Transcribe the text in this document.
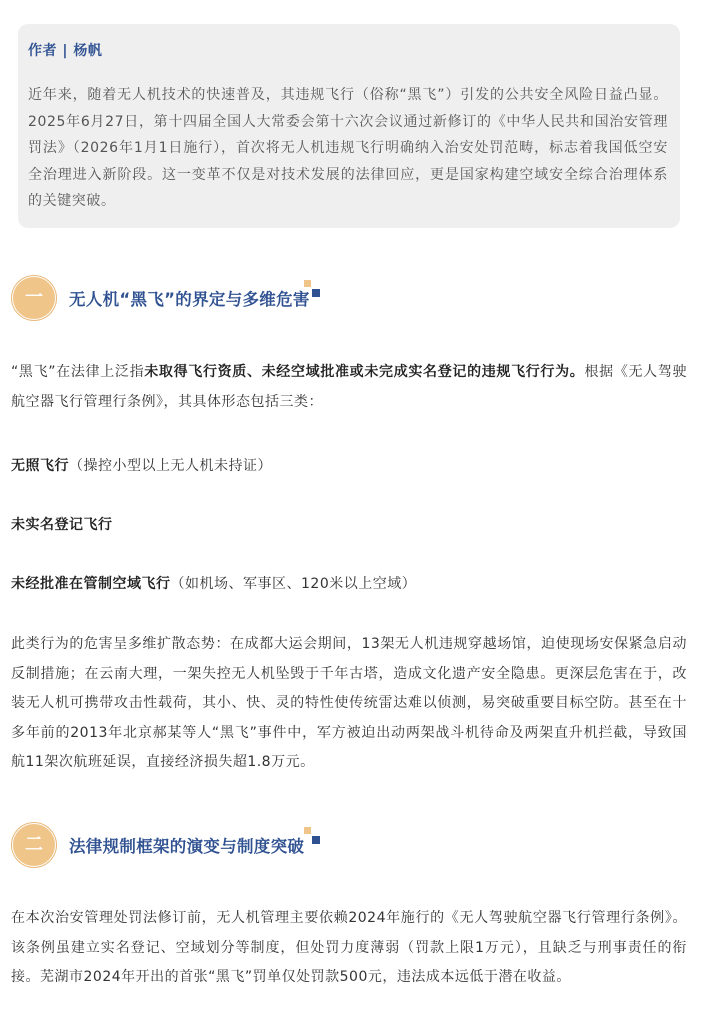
作者 | 杨帆

近年来，随着无人机技术的快速普及，其违规飞行（俗称“黑飞”）引发的公共安全风险日益凸显。2025年6月27日，第十四届全国人大常委会第十六次会议通过新修订的《中华人民共和国治安管理罚法》（2026年1月1日施行），首次将无人机违规飞行明确纳入治安处罚范畴，标志着我国低空安全治理进入新阶段。这一变革不仅是对技术发展的法律回应，更是国家构建空域安全综合治理体系的关键突破。

一	无人机“黑飞”的界定与多维危害

“黑飞”在法律上泛指未取得飞行资质、未经空域批准或未完成实名登记的违规飞行行为。根据《无人驾驶航空器飞行管理行条例》，其具体形态包括三类：

无照飞行（操控小型以上无人机未持证）

未实名登记飞行

未经批准在管制空域飞行（如机场、军事区、120米以上空域）

此类行为的危害呈多维扩散态势：在成都大运会期间，13架无人机违规穿越场馆，迫使现场安保紧急启动反制措施；在云南大理，一架失控无人机坠毁于千年古塔，造成文化遗产安全隐患。更深层危害在于，改装无人机可携带攻击性载荷，其小、快、灵的特性使传统雷达难以侦测，易突破重要目标空防。甚至在十多年前的2013年北京郝某等人“黑飞”事件中，军方被迫出动两架战斗机待命及两架直升机拦截，导致国航11架次航班延误，直接经济损失超1.8万元。

二	法律规制框架的演变与制度突破

在本次治安管理处罚法修订前，无人机管理主要依赖2024年施行的《无人驾驶航空器飞行管理行条例》。该条例虽建立实名登记、空域划分等制度，但处罚力度薄弱（罚款上限1万元），且缺乏与刑事责任的衔接。芜湖市2024年开出的首张“黑飞”罚单仅处罚款500元，违法成本远低于潜在收益。
